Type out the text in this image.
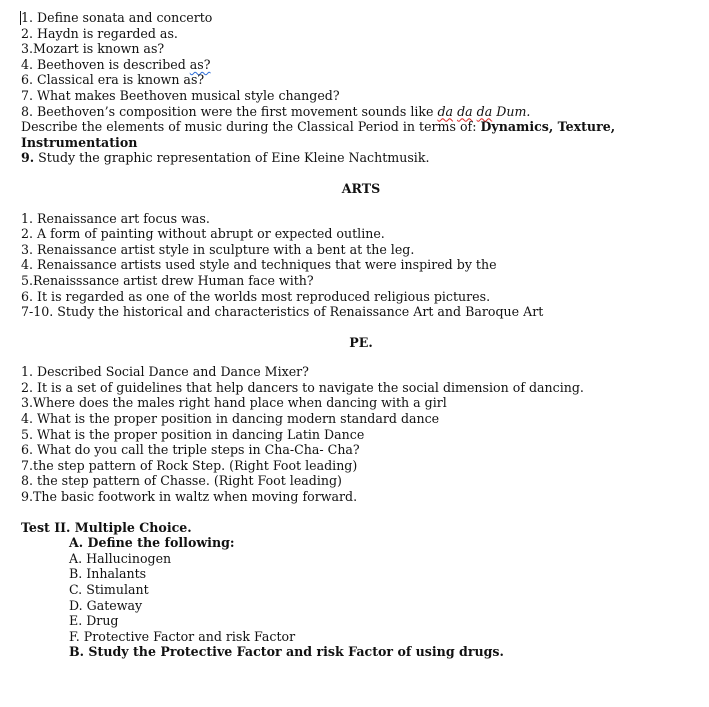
1. Define sonata and concerto
2. Haydn is regarded as.
3.Mozart is known as?
4. Beethoven is described as?
6. Classical era is known as?
7. What makes Beethoven musical style changed?
8. Beethoven’s composition were the first movement sounds like da da da Dum.
Describe the elements of music during the Classical Period in terms of: Dynamics, Texture,
Instrumentation
9. Study the graphic representation of Eine Kleine Nachtmusik.
ARTS
1. Renaissance art focus was.
2. A form of painting without abrupt or expected outline.
3. Renaissance artist style in sculpture with a bent at the leg.
4. Renaissance artists used style and techniques that were inspired by the
5.Renaisssance artist drew Human face with?
6. It is regarded as one of the worlds most reproduced religious pictures.
7-10. Study the historical and characteristics of Renaissance Art and Baroque Art
PE.
1. Described Social Dance and Dance Mixer?
2. It is a set of guidelines that help dancers to navigate the social dimension of dancing.
3.Where does the males right hand place when dancing with a girl
4. What is the proper position in dancing modern standard dance
5. What is the proper position in dancing Latin Dance
6. What do you call the triple steps in Cha-Cha- Cha?
7.the step pattern of Rock Step. (Right Foot leading)
8. the step pattern of Chasse. (Right Foot leading)
9.The basic footwork in waltz when moving forward.
Test II. Multiple Choice.
A. Define the following:
A. Hallucinogen
B. Inhalants
C. Stimulant
D. Gateway
E. Drug
F. Protective Factor and risk Factor
B. Study the Protective Factor and risk Factor of using drugs.
